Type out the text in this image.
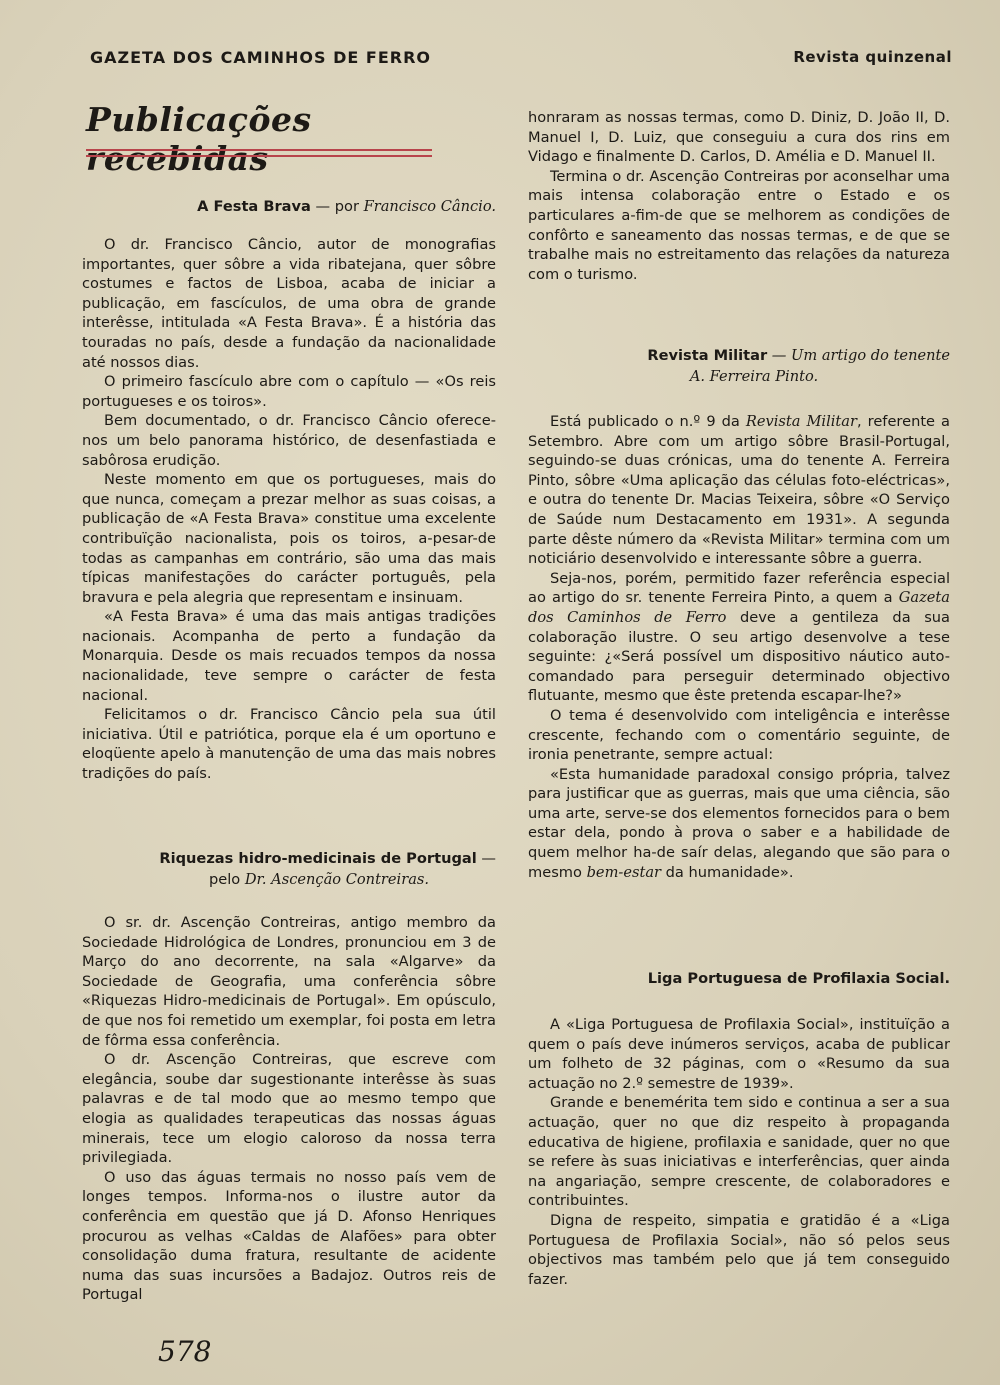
GAZETA DOS CAMINHOS DE FERRO	Revista quinzenal
Publicações recebidas

A Festa Brava — por Francisco Câncio.

O dr. Francisco Câncio, autor de monografias importantes, quer sôbre a vida ribatejana, quer sôbre costumes e factos de Lisboa, acaba de iniciar a publicação, em fascículos, de uma obra de grande interêsse, intitulada «A Festa Brava». É a história das touradas no país, desde a fundação da nacionalidade até nossos dias.

O primeiro fascículo abre com o capítulo — «Os reis portugueses e os toiros».

Bem documentado, o dr. Francisco Câncio oferece-nos um belo panorama histórico, de desenfastiada e sabôrosa erudição.

Neste momento em que os portugueses, mais do que nunca, começam a prezar melhor as suas coisas, a publicação de «A Festa Brava» constitue uma excelente contribuïção nacionalista, pois os toiros, a-pesar-de todas as campanhas em contrário, são uma das mais típicas manifestações do carácter português, pela bravura e pela alegria que representam e insinuam.

«A Festa Brava» é uma das mais antigas tradições nacionais. Acompanha de perto a fundação da Monarquia. Desde os mais recuados tempos da nossa nacionalidade, teve sempre o carácter de festa nacional.

Felicitamos o dr. Francisco Câncio pela sua útil iniciativa. Útil e patriótica, porque ela é um oportuno e eloqüente apelo à manutenção de uma das mais nobres tradições do país.

Riquezas hidro-medicinais de Portugal —

pelo Dr. Ascenção Contreiras.

O sr. dr. Ascenção Contreiras, antigo membro da Sociedade Hidrológica de Londres, pronunciou em 3 de Março do ano decorrente, na sala «Algarve» da Sociedade de Geografia, uma conferência sôbre «Riquezas Hidro-medicinais de Portugal». Em opúsculo, de que nos foi remetido um exemplar, foi posta em letra de fôrma essa conferência.

O dr. Ascenção Contreiras, que escreve com elegância, soube dar sugestionante interêsse às suas palavras e de tal modo que ao mesmo tempo que elogia as qualidades terapeuticas das nossas águas minerais, tece um elogio caloroso da nossa terra privilegiada.

O uso das águas termais no nosso país vem de longes tempos. Informa-nos o ilustre autor da conferência em questão que já D. Afonso Henriques procurou as velhas «Caldas de Alafões» para obter consolidação duma fratura, resultante de acidente numa das suas incursões a Badajoz. Outros reis de Portugal

honraram as nossas termas, como D. Diniz, D. João II, D. Manuel I, D. Luiz, que conseguiu a cura dos rins em Vidago e finalmente D. Carlos, D. Amélia e D. Manuel II.

Termina o dr. Ascenção Contreiras por aconselhar uma mais intensa colaboração entre o Estado e os particulares a-fim-de que se melhorem as condições de confôrto e saneamento das nossas termas, e de que se trabalhe mais no estreitamento das relações da natureza com o turismo.

Revista Militar — Um artigo do tenente

A. Ferreira Pinto.

Está publicado o n.º 9 da Revista Militar, referente a Setembro. Abre com um artigo sôbre Brasil-Portugal, seguindo-se duas crónicas, uma do tenente A. Ferreira Pinto, sôbre «Uma aplicação das células foto-eléctricas», e outra do tenente Dr. Macias Teixeira, sôbre «O Serviço de Saúde num Destacamento em 1931». A segunda parte dêste número da «Revista Militar» termina com um noticiário desenvolvido e interessante sôbre a guerra.

Seja-nos, porém, permitido fazer referência especial ao artigo do sr. tenente Ferreira Pinto, a quem a Gazeta dos Caminhos de Ferro deve a gentileza da sua colaboração ilustre. O seu artigo desenvolve a tese seguinte: ¿«Será possível um dispositivo náutico auto-comandado para perseguir determinado objectivo flutuante, mesmo que êste pretenda escapar-lhe?»

O tema é desenvolvido com inteligência e interêsse crescente, fechando com o comentário seguinte, de ironia penetrante, sempre actual:

«Esta humanidade paradoxal consigo própria, talvez para justificar que as guerras, mais que uma ciência, são uma arte, serve-se dos elementos fornecidos para o bem estar dela, pondo à prova o saber e a habilidade de quem melhor ha-de saír delas, alegando que são para o mesmo bem-estar da humanidade».

Liga Portuguesa de Profilaxia Social.

A «Liga Portuguesa de Profilaxia Social», instituïção a quem o país deve inúmeros serviços, acaba de publicar um folheto de 32 páginas, com o «Resumo da sua actuação no 2.º semestre de 1939».

Grande e benemérita tem sido e continua a ser a sua actuação, quer no que diz respeito à propaganda educativa de higiene, profilaxia e sanidade, quer no que se refere às suas iniciativas e interferências, quer ainda na angariação, sempre crescente, de colaboradores e contribuintes.

Digna de respeito, simpatia e gratidão é a «Liga Portuguesa de Profilaxia Social», não só pelos seus objectivos mas também pelo que já tem conseguido fazer.

578
